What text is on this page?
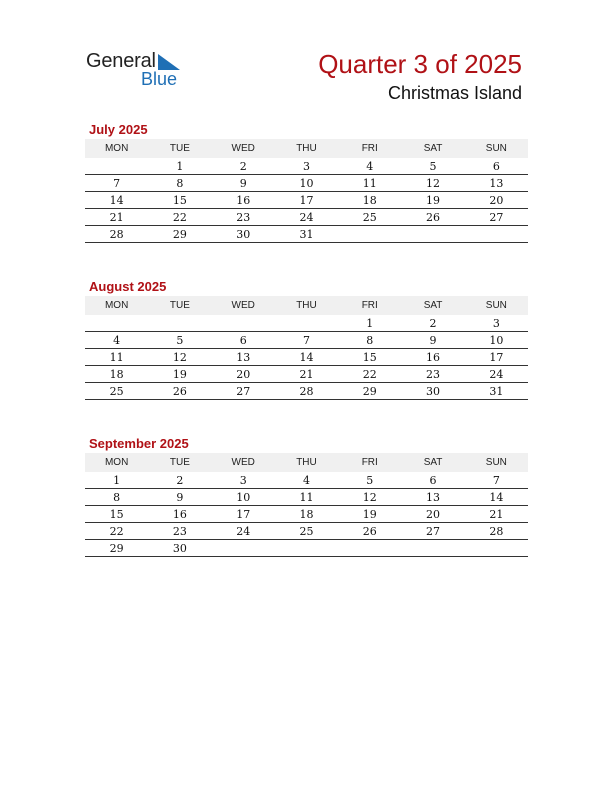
General
Blue	Quarter 3 of 2025
Christmas Island
July 2025
MON	TUE	WED	THU	FRI	SAT	SUN
	1	2	3	4	5	6
7	8	9	10	11	12	13
14	15	16	17	18	19	20
21	22	23	24	25	26	27
28	29	30	31			
August 2025
MON	TUE	WED	THU	FRI	SAT	SUN
				1	2	3
4	5	6	7	8	9	10
11	12	13	14	15	16	17
18	19	20	21	22	23	24
25	26	27	28	29	30	31
September 2025
MON	TUE	WED	THU	FRI	SAT	SUN
1	2	3	4	5	6	7
8	9	10	11	12	13	14
15	16	17	18	19	20	21
22	23	24	25	26	27	28
29	30					
